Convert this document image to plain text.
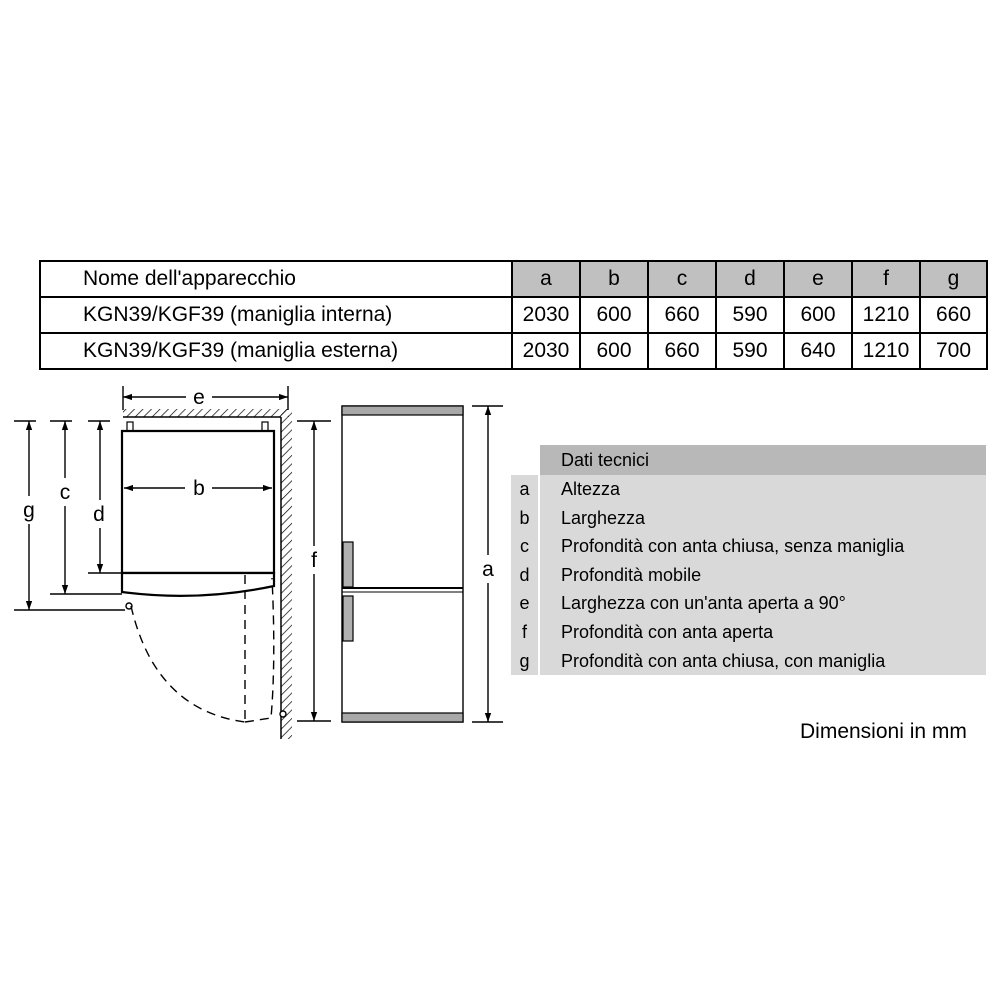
Nome dell'apparecchio	a	b	c	d	e	f	g
KGN39/KGF39 (maniglia interna)	2030	600	660	590	600	1210	660
KGN39/KGF39 (maniglia esterna)	2030	600	660	590	640	1210	700
e
b
g
c
d
f	a
Dati tecnici
a	Altezza
b	Larghezza
c	Profondità con anta chiusa, senza maniglia
d	Profondità mobile
e	Larghezza con un'anta aperta a 90°
f	Profondità con anta aperta
g	Profondità con anta chiusa, con maniglia
Dimensioni in mm
